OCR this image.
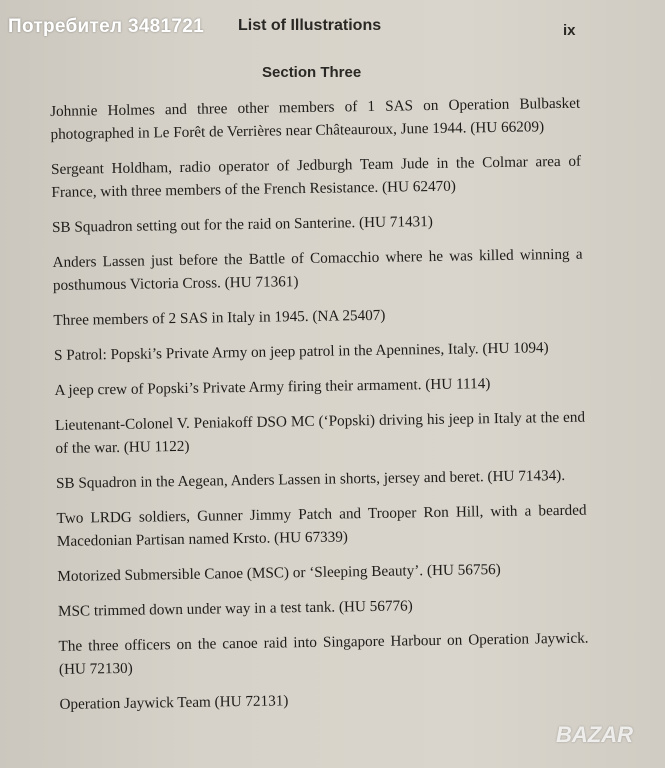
List of Illustrations	ix
Section Three
Johnnie Holmes and three other members of 1 SAS on Operation Bulbasket photographed in Le Forêt de Verrières near Châteauroux, June 1944. (HU 66209)
Sergeant Holdham, radio operator of Jedburgh Team Jude in the Colmar area of France, with three members of the French Resistance. (HU 62470)
SB Squadron setting out for the raid on Santerine. (HU 71431)
Anders Lassen just before the Battle of Comacchio where he was killed winning a posthumous Victoria Cross. (HU 71361)
Three members of 2 SAS in Italy in 1945. (NA 25407)
S Patrol: Popski’s Private Army on jeep patrol in the Apennines, Italy. (HU 1094)
A jeep crew of Popski’s Private Army firing their armament. (HU 1114)
Lieutenant-Colonel V. Peniakoff DSO MC (‘Popski) driving his jeep in Italy at the end of the war. (HU 1122)
SB Squadron in the Aegean, Anders Lassen in shorts, jersey and beret. (HU 71434).
Two LRDG soldiers, Gunner Jimmy Patch and Trooper Ron Hill, with a bearded Macedonian Partisan named Krsto. (HU 67339)
Motorized Submersible Canoe (MSC) or ‘Sleeping Beauty’. (HU 56756)
MSC trimmed down under way in a test tank. (HU 56776)
The three officers on the canoe raid into Singapore Harbour on Operation Jaywick. (HU 72130)
Operation Jaywick Team (HU 72131)
Потребител 3481721
BAZAR
